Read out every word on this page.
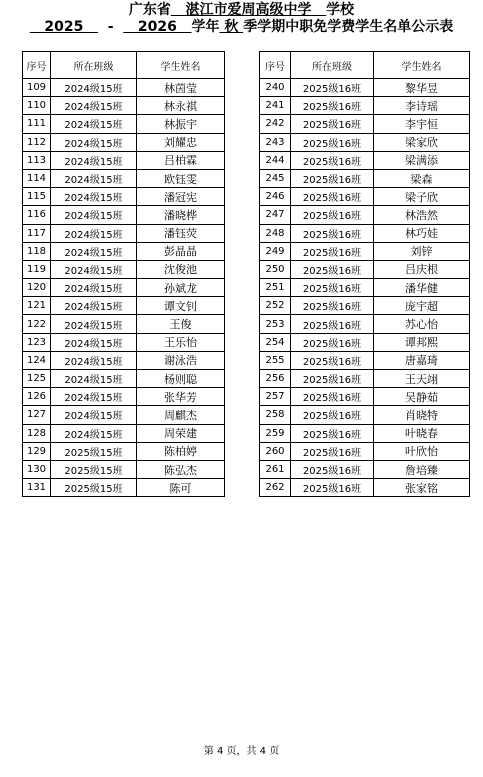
广东省 湛江市爱周高级中学 学校
2025 - 2026 学年 秋 季学期中职免学费学生名单公示表
序号	所在班级	学生姓名
109	2024级15班	林茵莹
110	2024级15班	林永祺
111	2024级15班	林振宇
112	2024级15班	刘耀忠
113	2024级15班	吕柏霖
114	2024级15班	欧钰雯
115	2024级15班	潘冠宪
116	2024级15班	潘晓桦
117	2024级15班	潘钰荧
118	2024级15班	彭晶晶
119	2024级15班	沈俊池
120	2024级15班	孙斌龙
121	2024级15班	谭文钊
122	2024级15班	王俊
123	2024级15班	王乐怡
124	2024级15班	谢泳浩
125	2024级15班	杨则聪
126	2024级15班	张华芳
127	2024级15班	周麒杰
128	2024级15班	周荣建
129	2025级15班	陈柏婷
130	2025级15班	陈弘杰
131	2025级15班	陈可
序号	所在班级	学生姓名
240	2025级16班	黎华昱
241	2025级16班	李诗瑶
242	2025级16班	李宇恒
243	2025级16班	梁家欣
244	2025级16班	梁满添
245	2025级16班	梁森
246	2025级16班	梁子欣
247	2025级16班	林浩然
248	2025级16班	林巧娃
249	2025级16班	刘锌
250	2025级16班	吕庆根
251	2025级16班	潘华健
252	2025级16班	庞宇超
253	2025级16班	苏心怡
254	2025级16班	谭邦熙
255	2025级16班	唐嘉琦
256	2025级16班	王天翊
257	2025级16班	吴静茹
258	2025级16班	肖晓特
259	2025级16班	叶晓春
260	2025级16班	叶欣怡
261	2025级16班	詹培臻
262	2025级16班	张家铭
第 4 页，共 4 页
